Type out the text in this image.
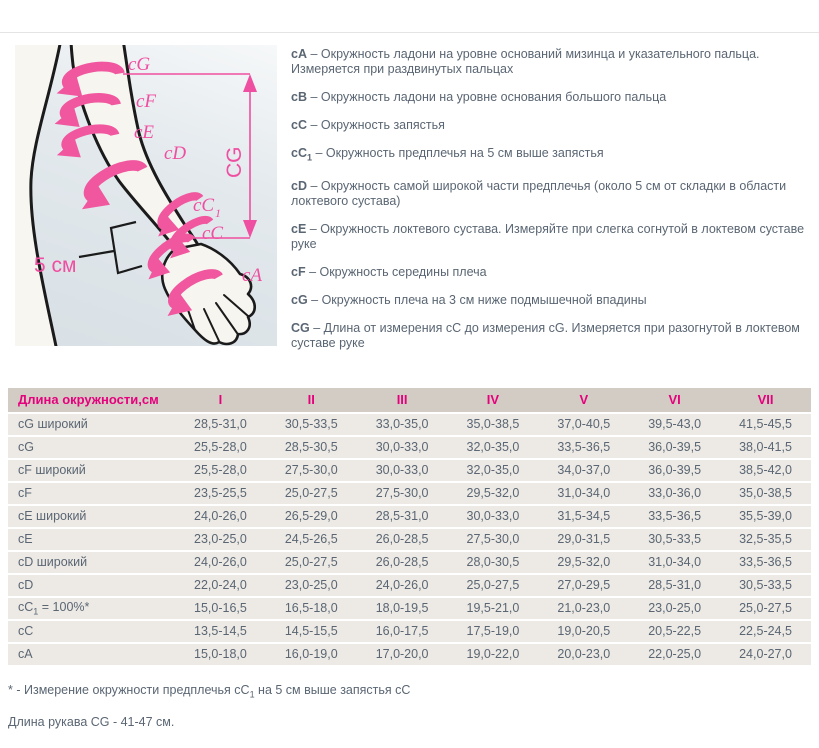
CG
cG
cF
cE
cD
cC 1
cC
cA
5 см

cA – Окружность ладони на уровне оснований мизинца и указательного пальца. Измеряется при раздвинутых пальцах

cB – Окружность ладони на уровне основания большого пальца

cC – Окружность запястья

$cC_1$ – Окружность предплечья на 5 см выше запястья

cD – Окружность самой широкой части предплечья (около 5 см от складки в области локтевого сустава)

cE – Окружность локтевого сустава. Измеряйте при слегка согнутой в локтевом суставе руке

cF – Окружность середины плеча

cG – Окружность плеча на 3 см ниже подмышечной впадины

CG – Длина от измерения cC до измерения cG. Измеряется при разогнутой в локтевом суставе руке

Длина окружности,см	I	II	III	IV	V	VI	VII
cG широкий	28,5-31,0	30,5-33,5	33,0-35,0	35,0-38,5	37,0-40,5	39,5-43,0	41,5-45,5
cG	25,5-28,0	28,5-30,5	30,0-33,0	32,0-35,0	33,5-36,5	36,0-39,5	38,0-41,5
cF широкий	25,5-28,0	27,5-30,0	30,0-33,0	32,0-35,0	34,0-37,0	36,0-39,5	38,5-42,0
cF	23,5-25,5	25,0-27,5	27,5-30,0	29,5-32,0	31,0-34,0	33,0-36,0	35,0-38,5
cE широкий	24,0-26,0	26,5-29,0	28,5-31,0	30,0-33,0	31,5-34,5	33,5-36,5	35,5-39,0
cE	23,0-25,0	24,5-26,5	26,0-28,5	27,5-30,0	29,0-31,5	30,5-33,5	32,5-35,5
cD широкий	24,0-26,0	25,0-27,5	26,0-28,5	28,0-30,5	29,5-32,0	31,0-34,0	33,5-36,5
cD	22,0-24,0	23,0-25,0	24,0-26,0	25,0-27,5	27,0-29,5	28,5-31,0	30,5-33,5
$cC_1 = 100\%*$	15,0-16,5	16,5-18,0	18,0-19,5	19,5-21,0	21,0-23,0	23,0-25,0	25,0-27,5
cC	13,5-14,5	14,5-15,5	16,0-17,5	17,5-19,0	19,0-20,5	20,5-22,5	22,5-24,5
cA	15,0-18,0	16,0-19,0	17,0-20,0	19,0-22,0	20,0-23,0	22,0-25,0	24,0-27,0

* - Измерение окружности предплечья $cC_1$ на 5 см выше запястья cC

Длина рукава CG - 41-47 см.
